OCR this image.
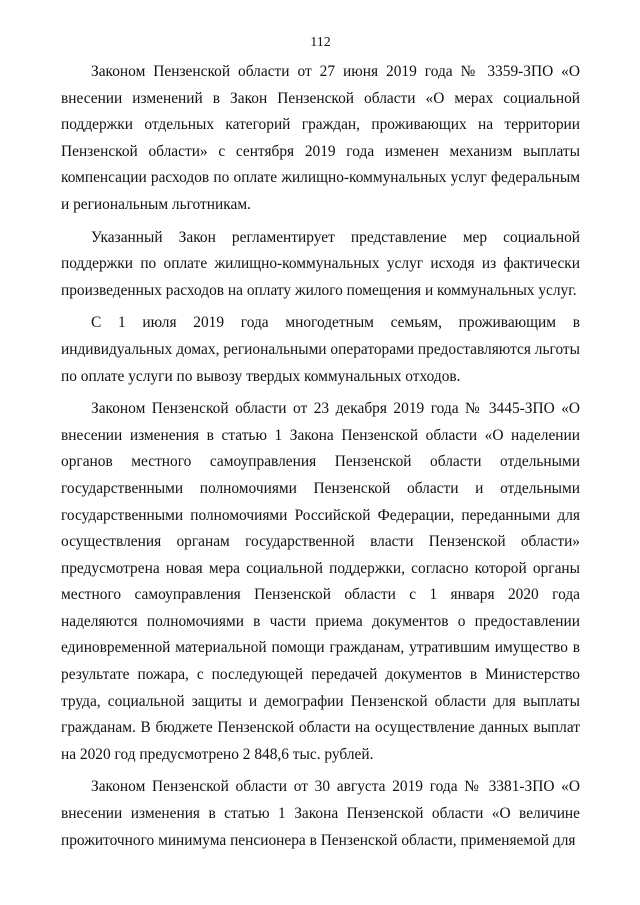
112

Законом Пензенской области от 27 июня 2019 года № 3359-ЗПО «О внесении изменений в Закон Пензенской области «О мерах социальной поддержки отдельных категорий граждан, проживающих на территории Пензенской области» с сентября 2019 года изменен механизм выплаты компенсации расходов по оплате жилищно-коммунальных услуг федеральным и региональным льготникам.

Указанный Закон регламентирует представление мер социальной поддержки по оплате жилищно-коммунальных услуг исходя из фактически произведенных расходов на оплату жилого помещения и коммунальных услуг.

С 1 июля 2019 года многодетным семьям, проживающим в индивидуальных домах, региональными операторами предоставляются льготы по оплате услуги по вывозу твердых коммунальных отходов.

Законом Пензенской области от 23 декабря 2019 года № 3445-ЗПО «О внесении изменения в статью 1 Закона Пензенской области «О наделении органов местного самоуправления Пензенской области отдельными государственными полномочиями Пензенской области и отдельными государственными полномочиями Российской Федерации, переданными для осуществления органам государственной власти Пензенской области» предусмотрена новая мера социальной поддержки, согласно которой органы местного самоуправления Пензенской области с 1 января 2020 года наделяются полномочиями в части приема документов о предоставлении единовременной материальной помощи гражданам, утратившим имущество в результате пожара, с последующей передачей документов в Министерство труда, социальной защиты и демографии Пензенской области для выплаты гражданам. В бюджете Пензенской области на осуществление данных выплат на 2020 год предусмотрено 2 848,6 тыс. рублей.

Законом Пензенской области от 30 августа 2019 года № 3381-ЗПО «О внесении изменения в статью 1 Закона Пензенской области «О величине прожиточного минимума пенсионера в Пензенской области, применяемой для
